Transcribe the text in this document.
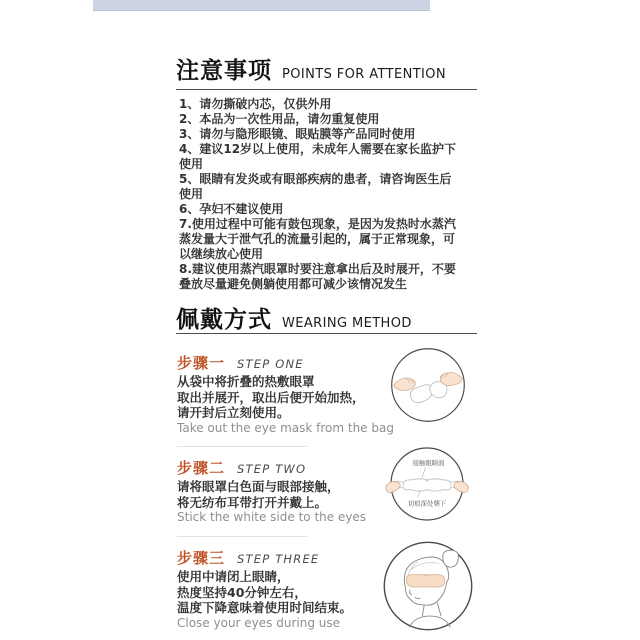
注意事项 POINTS FOR ATTENTION
1、请勿撕破内芯，仅供外用
2、本品为一次性用品，请勿重复使用
3、请勿与隐形眼镜、眼贴膜等产品同时使用
4、建议12岁以上使用，未成年人需要在家长监护下使用
5、眼睛有发炎或有眼部疾病的患者，请咨询医生后使用
6、孕妇不建议使用
7.使用过程中可能有鼓包现象，是因为发热时水蒸汽蒸发量大于泄气孔的流量引起的，属于正常现象，可以继续放心使用
8.建议使用蒸汽眼罩时要注意拿出后及时展开，不要叠放尽量避免侧躺使用都可减少该情况发生
佩戴方式 WEARING METHOD
步骤一 STEP ONE
从袋中将折叠的热敷眼罩
取出并展开，取出后便开始加热，
请开封后立刻使用。
Take out the eye mask from the bag
步骤二 STEP TWO
请将眼罩白色面与眼部接触，
将无纺布耳带打开并戴上。
Stick the white side to the eyes
接触眼睛面
切痕深处朝下
步骤三 STEP THREE
使用中请闭上眼睛，
热度坚持40分钟左右，
温度下降意味着使用时间结束。
Close your eyes during use
